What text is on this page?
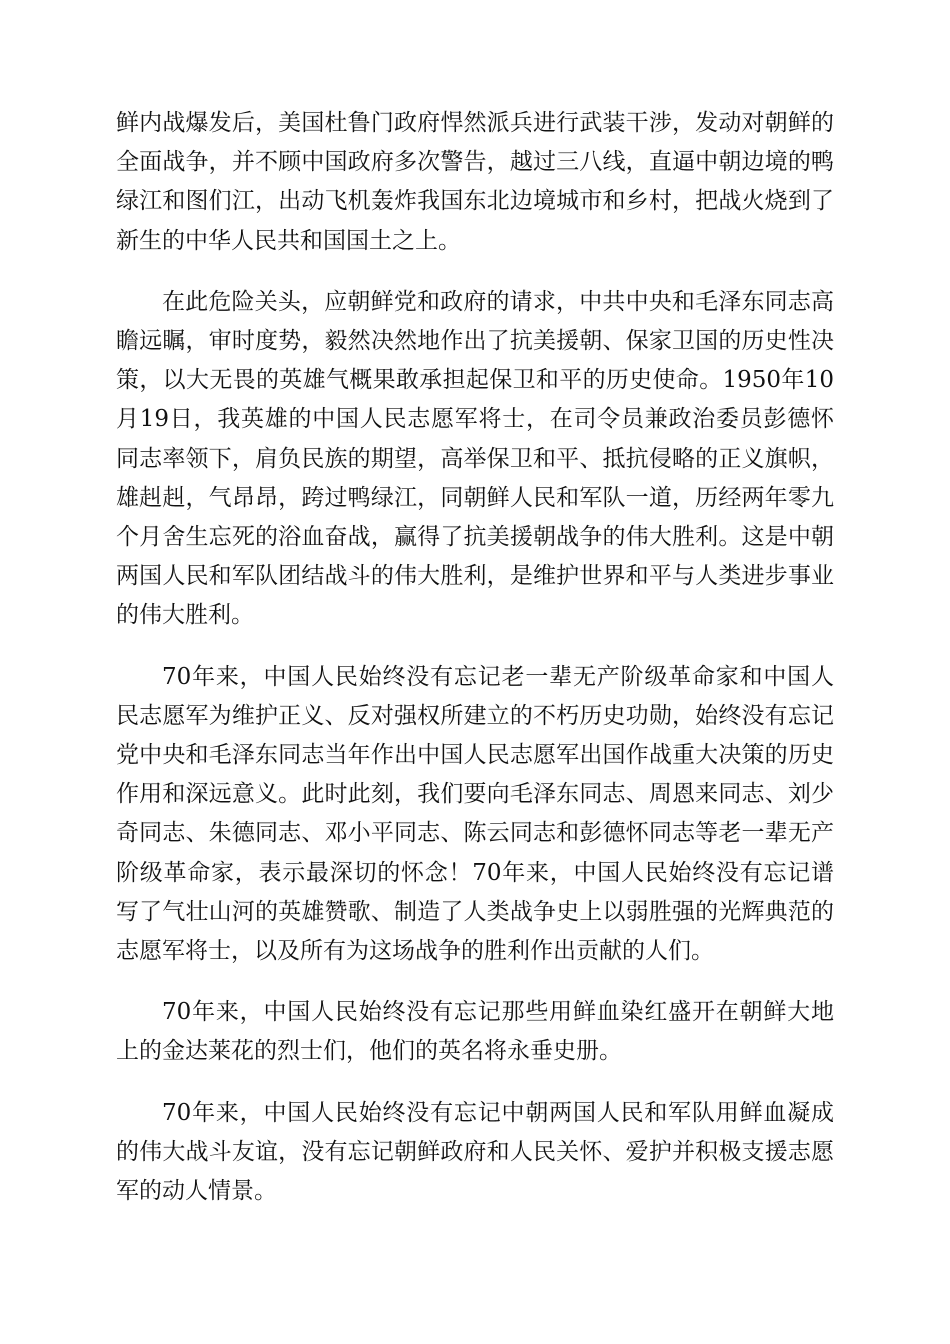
鲜内战爆发后，美国杜鲁门政府悍然派兵进行武装干涉，发动对朝鲜的全面战争，并不顾中国政府多次警告，越过三八线，直逼中朝边境的鸭绿江和图们江，出动飞机轰炸我国东北边境城市和乡村，把战火烧到了新生的中华人民共和国国土之上。

在此危险关头，应朝鲜党和政府的请求，中共中央和毛泽东同志高瞻远瞩，审时度势，毅然决然地作出了抗美援朝、保家卫国的历史性决策，以大无畏的英雄气概果敢承担起保卫和平的历史使命。1950年10月19日，我英雄的中国人民志愿军将士，在司令员兼政治委员彭德怀同志率领下，肩负民族的期望，高举保卫和平、抵抗侵略的正义旗帜，雄赳赳，气昂昂，跨过鸭绿江，同朝鲜人民和军队一道，历经两年零九个月舍生忘死的浴血奋战，赢得了抗美援朝战争的伟大胜利。这是中朝两国人民和军队团结战斗的伟大胜利，是维护世界和平与人类进步事业的伟大胜利。

70年来，中国人民始终没有忘记老一辈无产阶级革命家和中国人民志愿军为维护正义、反对强权所建立的不朽历史功勋，始终没有忘记党中央和毛泽东同志当年作出中国人民志愿军出国作战重大决策的历史作用和深远意义。此时此刻，我们要向毛泽东同志、周恩来同志、刘少奇同志、朱德同志、邓小平同志、陈云同志和彭德怀同志等老一辈无产阶级革命家，表示最深切的怀念！70年来，中国人民始终没有忘记谱写了气壮山河的英雄赞歌、制造了人类战争史上以弱胜强的光辉典范的志愿军将士，以及所有为这场战争的胜利作出贡献的人们。

70年来，中国人民始终没有忘记那些用鲜血染红盛开在朝鲜大地上的金达莱花的烈士们，他们的英名将永垂史册。

70年来，中国人民始终没有忘记中朝两国人民和军队用鲜血凝成的伟大战斗友谊，没有忘记朝鲜政府和人民关怀、爱护并积极支援志愿军的动人情景。
